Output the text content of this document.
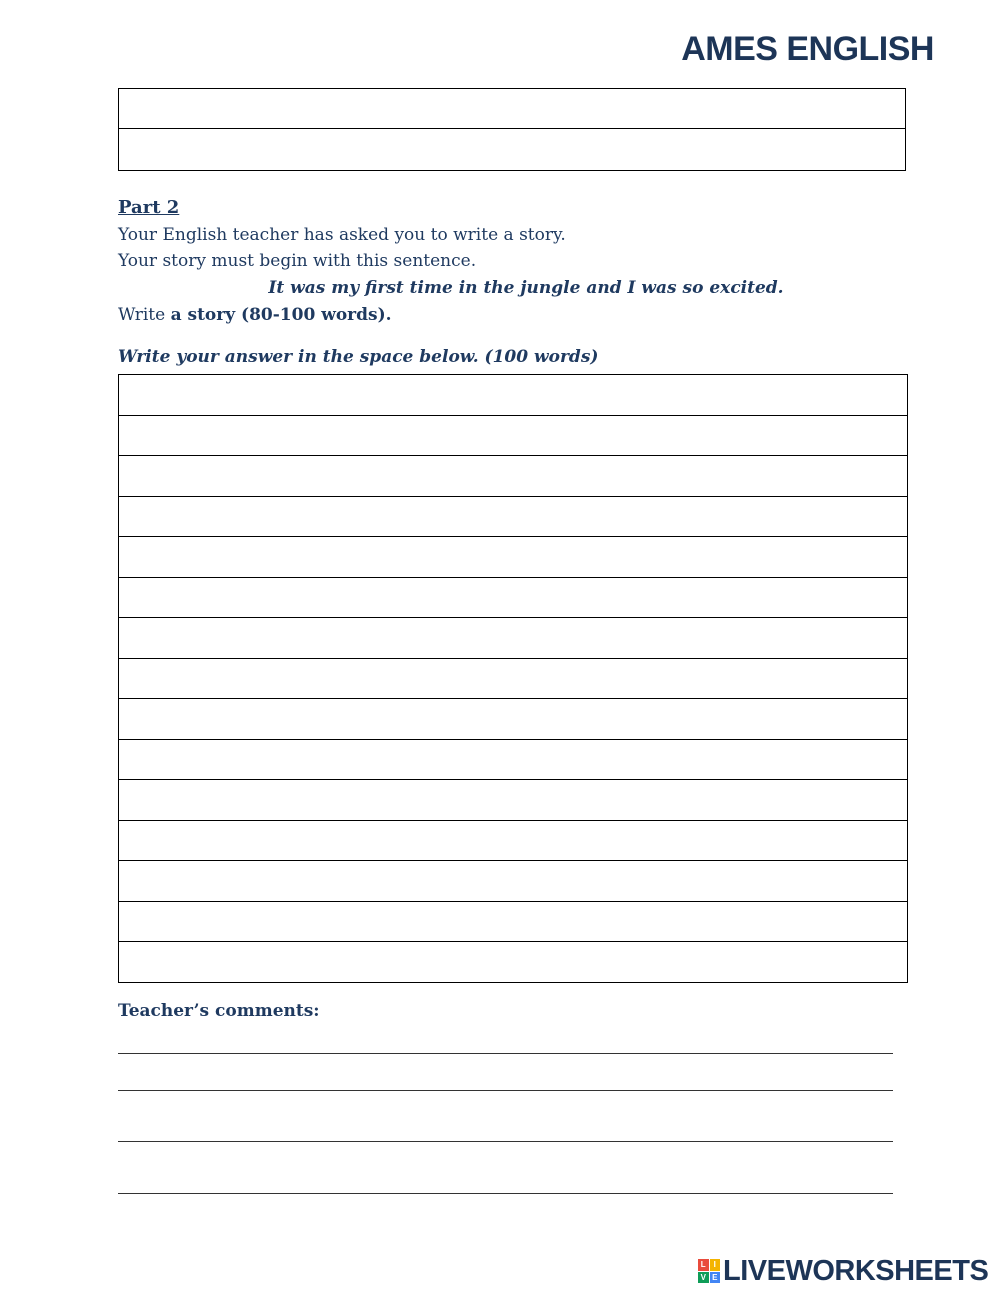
AMES ENGLISH
Part 2
Your English teacher has asked you to write a story.
Your story must begin with this sentence.
It was my first time in the jungle and I was so excited.
Write a story (80-100 words).
Write your answer in the space below. (100 words)
Teacher’s comments:
L I
V E LIVEWORKSHEETS
